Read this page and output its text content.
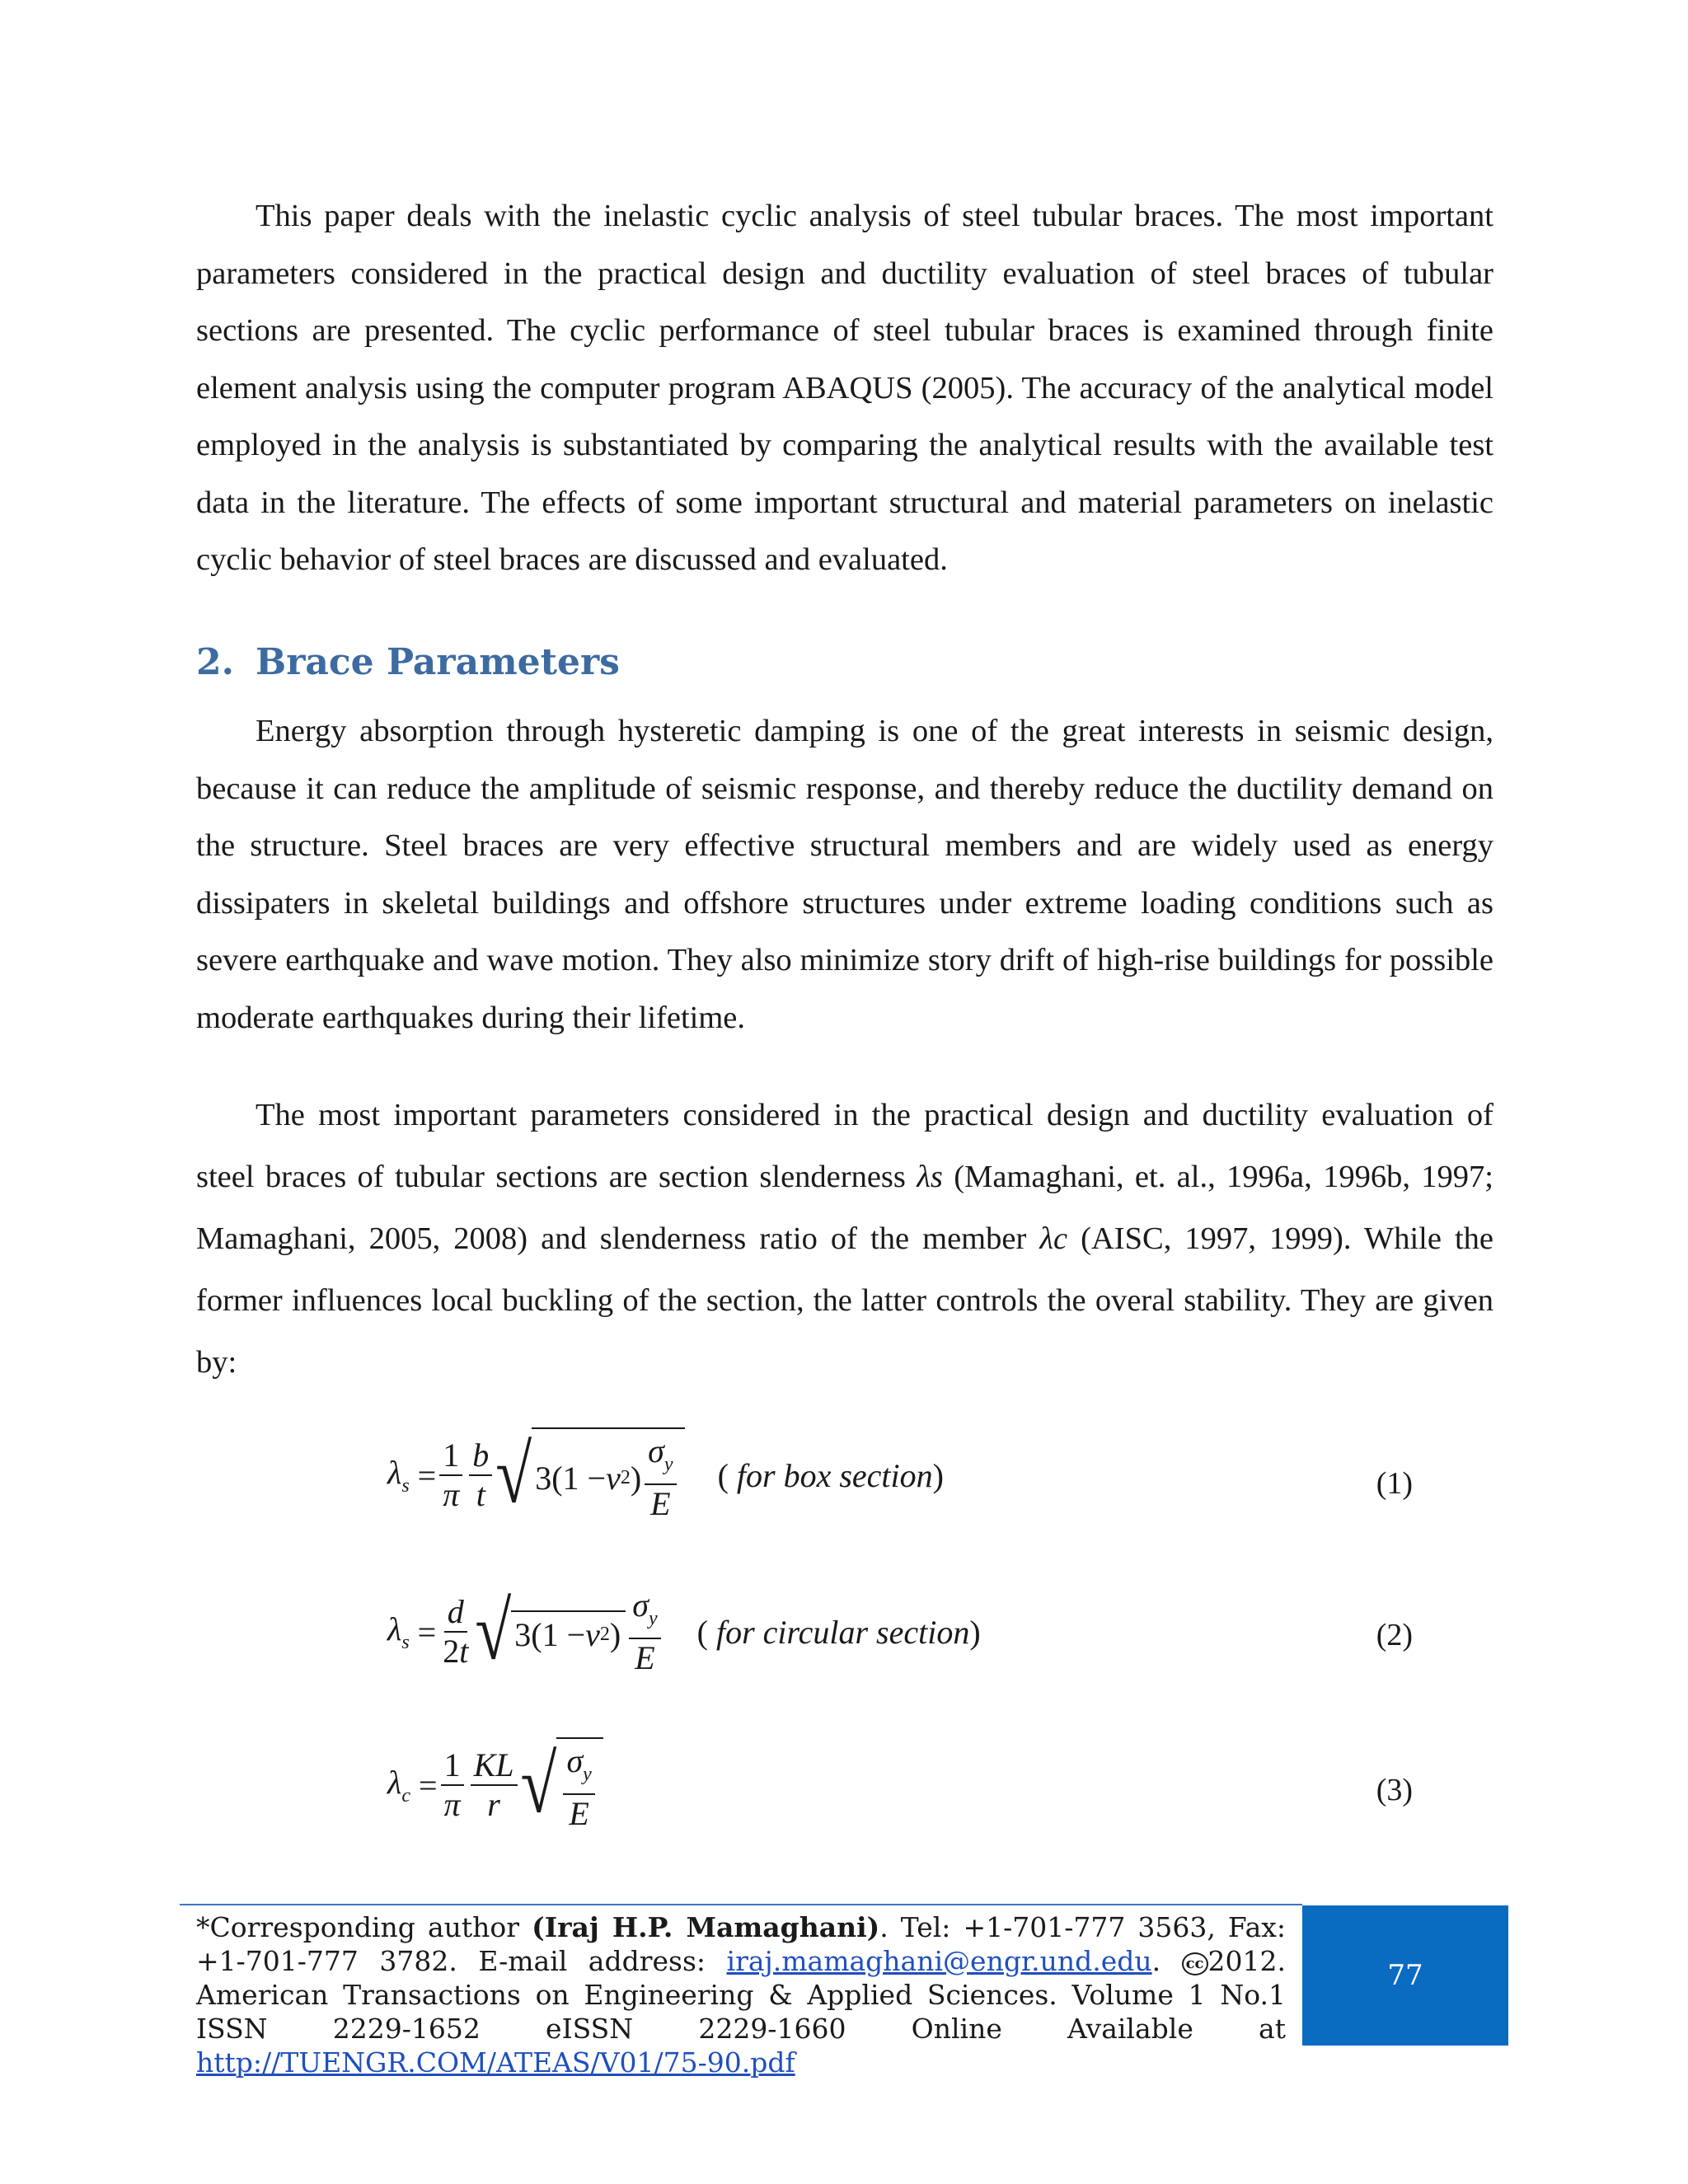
This paper deals with the inelastic cyclic analysis of steel tubular braces. The most important parameters considered in the practical design and ductility evaluation of steel braces of tubular sections are presented. The cyclic performance of steel tubular braces is examined through finite element analysis using the computer program ABAQUS (2005). The accuracy of the analytical model employed in the analysis is substantiated by comparing the analytical results with the available test data in the literature. The effects of some important structural and material parameters on inelastic cyclic behavior of steel braces are discussed and evaluated.

2. Brace Parameters

Energy absorption through hysteretic damping is one of the great interests in seismic design, because it can reduce the amplitude of seismic response, and thereby reduce the ductility demand on the structure. Steel braces are very effective structural members and are widely used as energy dissipaters in skeletal buildings and offshore structures under extreme loading conditions such as severe earthquake and wave motion. They also minimize story drift of high-rise buildings for possible moderate earthquakes during their lifetime.

The most important parameters considered in the practical design and ductility evaluation of steel braces of tubular sections are section slenderness λs (Mamaghani, et. al., 1996a, 1996b, 1997; Mamaghani, 2005, 2008) and slenderness ratio of the member λc (AISC, 1997, 1999). While the former influences local buckling of the section, the latter controls the overal stability. They are given by:

$\lambda_s = \frac{1}{\pi} \frac{b}{t}$ √ 3(1 − ν 2 ) $\frac{\sigma_y}{E}$ ( for box section)	(1)
$\lambda_s = \frac{d}{2t}$ √ 3(1 − ν 2 ) $\frac{\sigma_y}{E}$ ( for circular section)	(2)
$\lambda_c = \frac{1}{\pi} \frac{KL}{r}$ √ $\frac{\sigma_y}{E}$	(3)
*Corresponding author (Iraj H.P. Mamaghani). Tel: +1-701-777 3563, Fax: +1-701-777 3782. E-mail address: iraj.mamaghani@engr.und.edu. cc 2012. American Transactions on Engineering & Applied Sciences. Volume 1 No.1 ISSN 2229-1652 eISSN 2229-1660 Online Available at http://TUENGR.COM/ATEAS/V01/75-90.pdf
77
